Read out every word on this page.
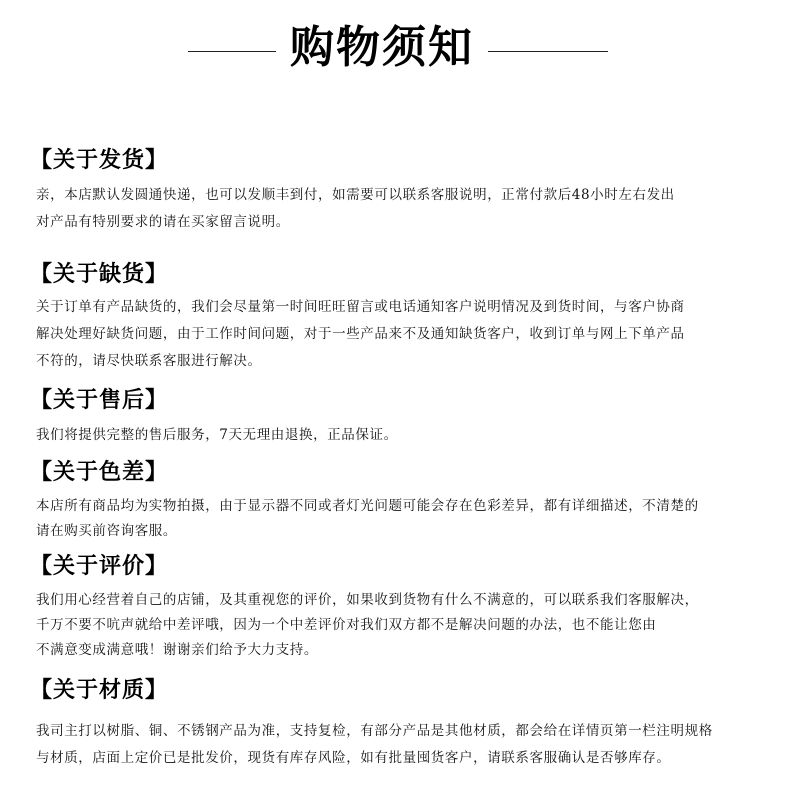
购物须知
【关于发货】
亲，本店默认发圆通快递，也可以发顺丰到付，如需要可以联系客服说明，正常付款后48小时左右发出
对产品有特别要求的请在买家留言说明。
【关于缺货】
关于订单有产品缺货的，我们会尽量第一时间旺旺留言或电话通知客户说明情况及到货时间，与客户协商
解决处理好缺货问题，由于工作时间问题，对于一些产品来不及通知缺货客户，收到订单与网上下单产品
不符的，请尽快联系客服进行解决。
【关于售后】
我们将提供完整的售后服务，7天无理由退换，正品保证。
【关于色差】
本店所有商品均为实物拍摄，由于显示器不同或者灯光问题可能会存在色彩差异，都有详细描述，不清楚的
请在购买前咨询客服。
【关于评价】
我们用心经营着自己的店铺，及其重视您的评价，如果收到货物有什么不满意的，可以联系我们客服解决，
千万不要不吭声就给中差评哦，因为一个中差评价对我们双方都不是解决问题的办法，也不能让您由
不满意变成满意哦！谢谢亲们给予大力支持。
【关于材质】
我司主打以树脂、铜、不锈钢产品为准，支持复检，有部分产品是其他材质，都会给在详情页第一栏注明规格
与材质，店面上定价已是批发价，现货有库存风险，如有批量囤货客户，请联系客服确认是否够库存。
